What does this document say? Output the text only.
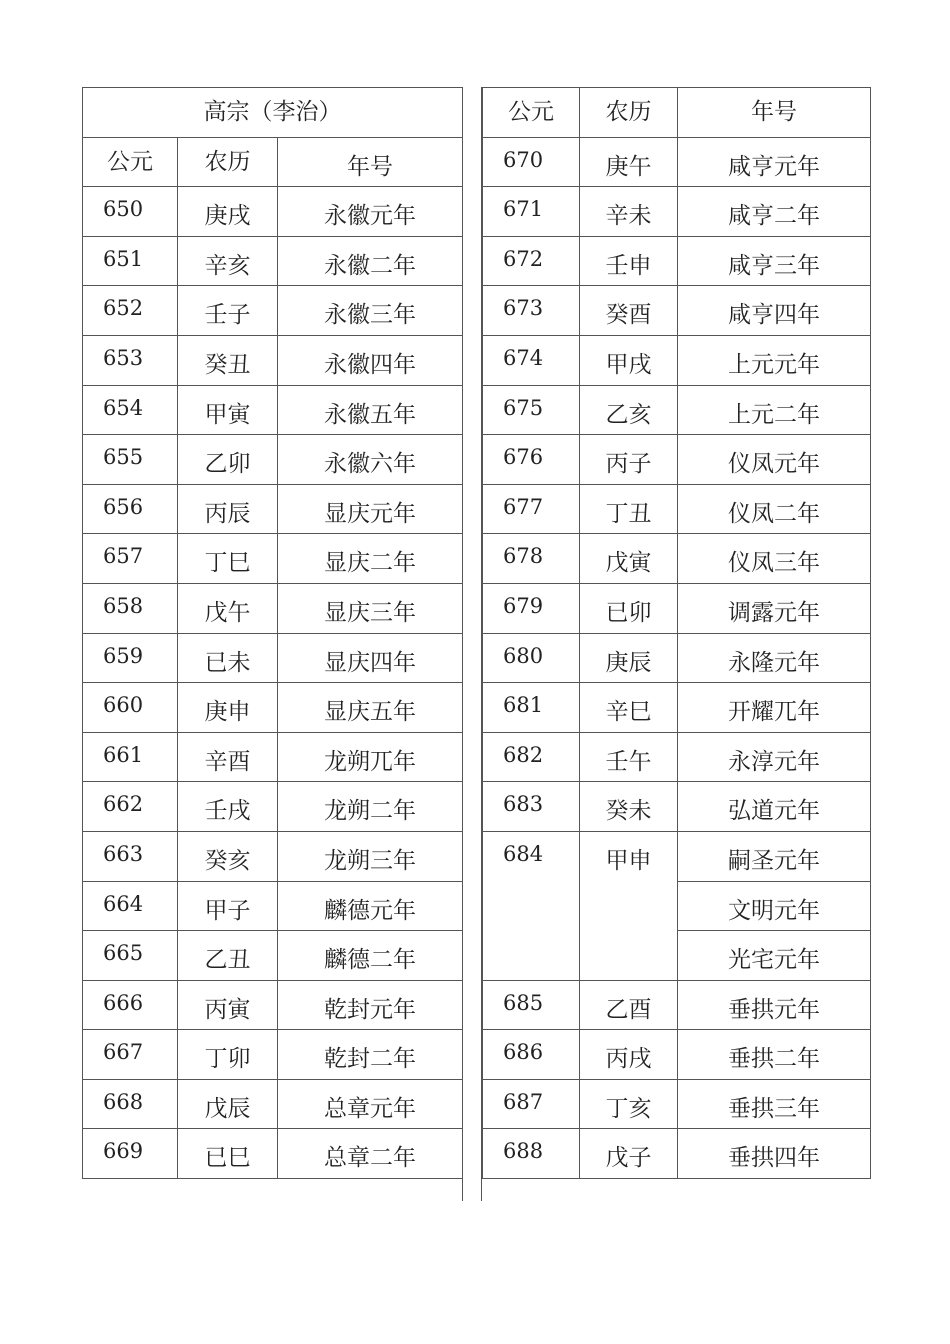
高宗（李治）		
公元	农历	年号
650	庚戌	永徽元年
651	辛亥	永徽二年
652	壬子	永徽三年
653	癸丑	永徽四年
654	甲寅	永徽五年
655	乙卯	永徽六年
656	丙辰	显庆元年
657	丁巳	显庆二年
658	戊午	显庆三年
659	已未	显庆四年
660	庚申	显庆五年
661	辛酉	龙朔兀年
662	壬戌	龙朔二年
663	癸亥	龙朔三年
664	甲子	麟德元年
665	乙丑	麟德二年
666	丙寅	乾封元年
667	丁卯	乾封二年
668	戊辰	总章元年
669	已巳	总章二年
公元	农历	年号
670	庚午	咸亨元年
671	辛未	咸亨二年
672	壬申	咸亨三年
673	癸酉	咸亨四年
674	甲戌	上元元年
675	乙亥	上元二年
676	丙子	仪凤元年
677	丁丑	仪凤二年
678	戊寅	仪凤三年
679	已卯	调露元年
680	庚辰	永隆元年
681	辛巳	开耀兀年
682	壬午	永淳元年
683	癸未	弘道元年
684	甲申	嗣圣元年
		文明元年
		光宅元年
685	乙酉	垂拱元年
686	丙戌	垂拱二年
687	丁亥	垂拱三年
688	戊子	垂拱四年
